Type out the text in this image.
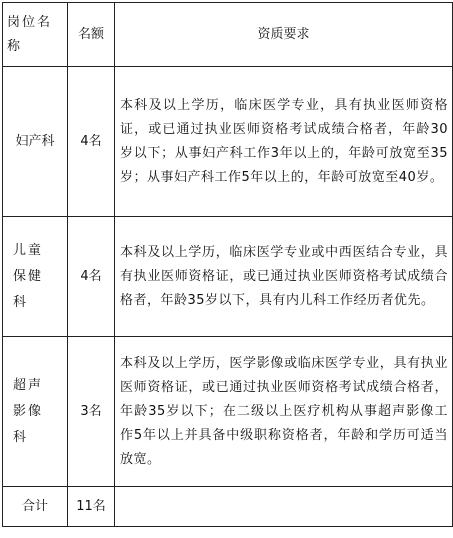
岗位名称	名额	资质要求
妇产科	4名	本科及以上学历，临床医学专业，具有执业医师资格证，或已通过执业医师资格考试成绩合格者，年龄30岁以下；从事妇产科工作3年以上的，年龄可放宽至35岁；从事妇产科工作5年以上的，年龄可放宽至40岁。

儿童保健科	4名	本科及以上学历，临床医学专业或中西医结合专业，具有执业医师资格证，或已通过执业医师资格考试成绩合格者，年龄35岁以下，具有内儿科工作经历者优先。

超声影像科	3名	本科及以上学历，医学影像或临床医学专业，具有执业医师资格证，或已通过执业医师资格考试成绩合格者，年龄35岁以下；在二级以上医疗机构从事超声影像工作5年以上并具备中级职称资格者，年龄和学历可适当放宽。

合计	11名	
